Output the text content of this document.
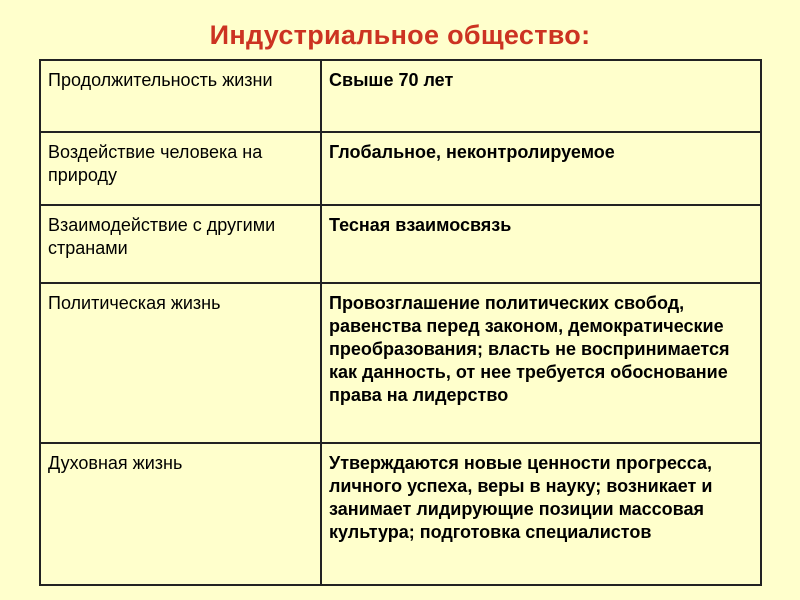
Индустриальное общество:
Продолжительность жизни	Свыше 70 лет
Воздействие человека на природу	Глобальное, неконтролируемое
Взаимодействие с другими странами	Тесная взаимосвязь
Политическая жизнь	Провозглашение политических свобод, равенства перед законом, демократические преобразования; власть не воспринимается как данность, от нее требуется обоснование права на лидерство
Духовная жизнь	Утверждаются новые ценности прогресса, личного успеха, веры в науку; возникает и занимает лидирующие позиции массовая культура; подготовка специалистов
